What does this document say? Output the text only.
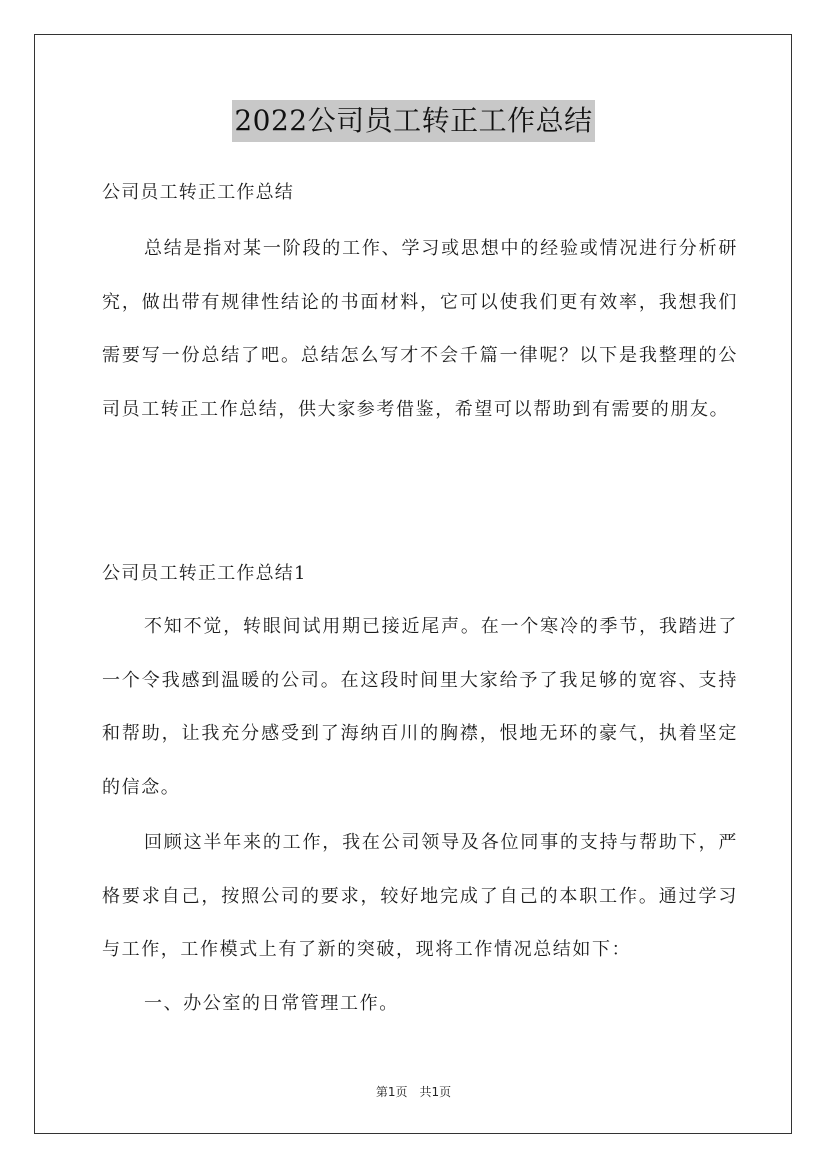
2022公司员工转正工作总结
公司员工转正工作总结

总结是指对某一阶段的工作、学习或思想中的经验或情况进行分析研究，做出带有规律性结论的书面材料，它可以使我们更有效率，我想我们需要写一份总结了吧。总结怎么写才不会千篇一律呢？以下是我整理的公司员工转正工作总结，供大家参考借鉴，希望可以帮助到有需要的朋友。

公司员工转正工作总结1

不知不觉，转眼间试用期已接近尾声。在一个寒冷的季节，我踏进了一个令我感到温暖的公司。在这段时间里大家给予了我足够的宽容、支持和帮助，让我充分感受到了海纳百川的胸襟，恨地无环的豪气，执着坚定的信念。

回顾这半年来的工作，我在公司领导及各位同事的支持与帮助下，严格要求自己，按照公司的要求，较好地完成了自己的本职工作。通过学习与工作，工作模式上有了新的突破，现将工作情况总结如下：

一、办公室的日常管理工作。

第1页　共1页
